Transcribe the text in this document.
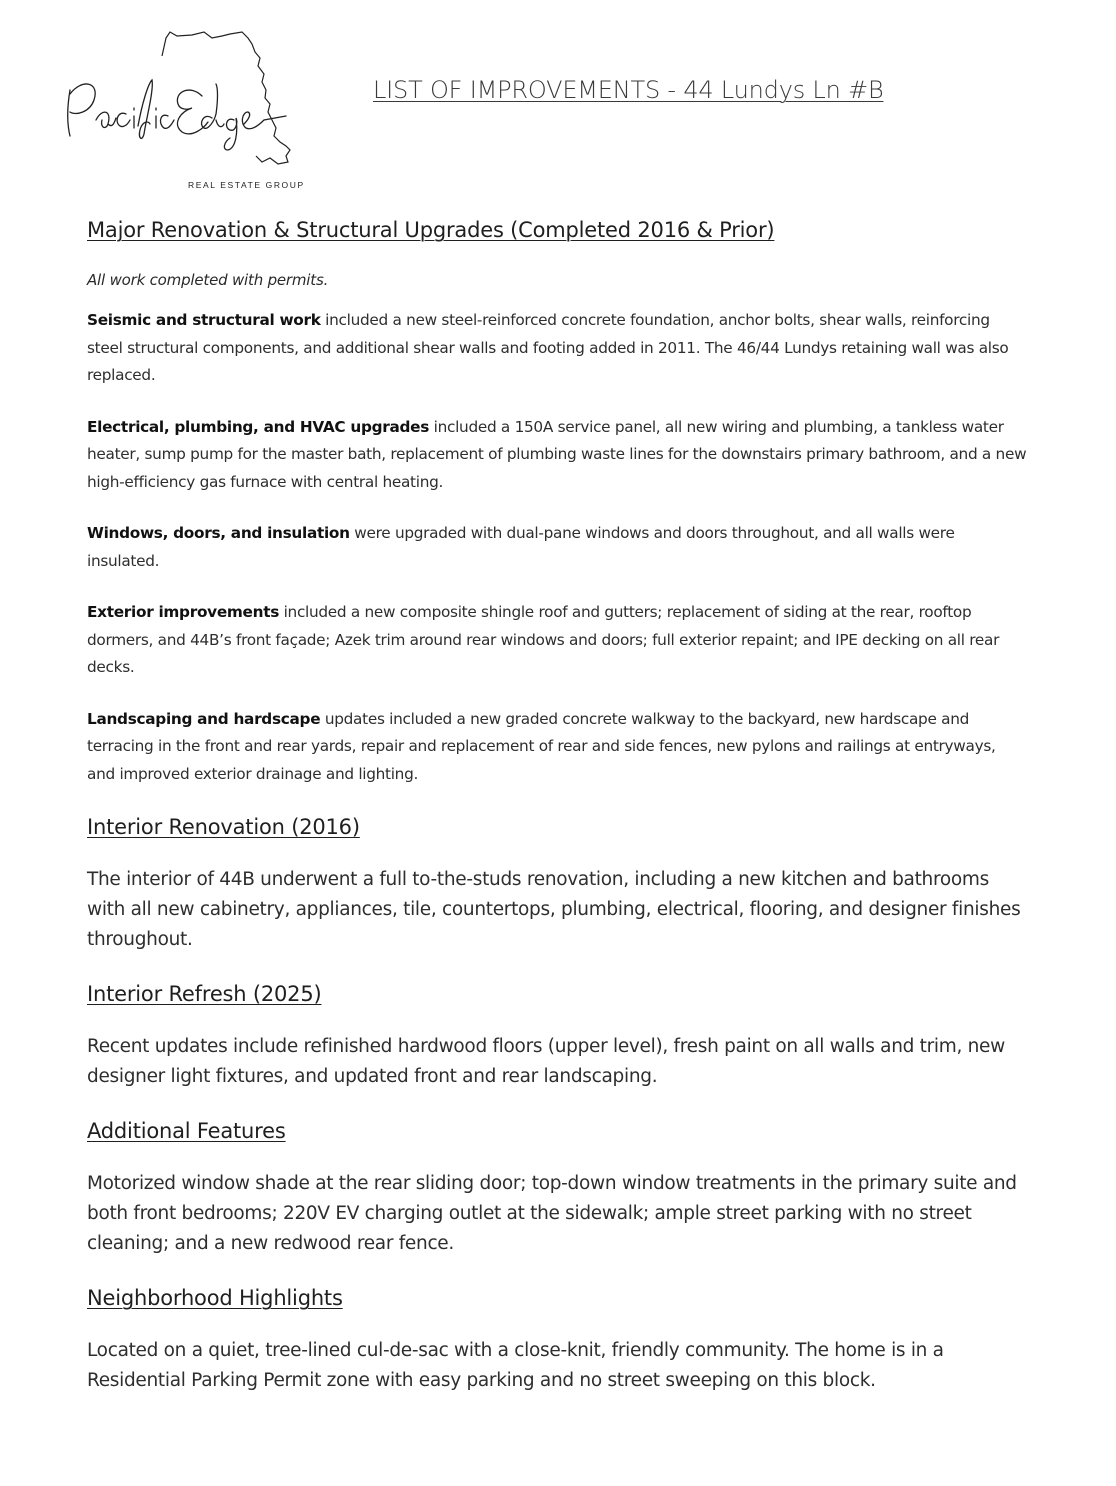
REAL ESTATE GROUP
LIST OF IMPROVEMENTS - 44 Lundys Ln #B
Major Renovation & Structural Upgrades (Completed 2016 & Prior)

All work completed with permits.

Seismic and structural work included a new steel-reinforced concrete foundation, anchor bolts, shear walls, reinforcing steel structural components, and additional shear walls and footing added in 2011. The 46/44 Lundys retaining wall was also replaced.

Electrical, plumbing, and HVAC upgrades included a 150A service panel, all new wiring and plumbing, a tankless water heater, sump pump for the master bath, replacement of plumbing waste lines for the downstairs primary bathroom, and a new high-efficiency gas furnace with central heating.

Windows, doors, and insulation were upgraded with dual-pane windows and doors throughout, and all walls were insulated.

Exterior improvements included a new composite shingle roof and gutters; replacement of siding at the rear, rooftop dormers, and 44B’s front façade; Azek trim around rear windows and doors; full exterior repaint; and IPE decking on all rear decks.

Landscaping and hardscape updates included a new graded concrete walkway to the backyard, new hardscape and terracing in the front and rear yards, repair and replacement of rear and side fences, new pylons and railings at entryways, and improved exterior drainage and lighting.

Interior Renovation (2016)

The interior of 44B underwent a full to-the-studs renovation, including a new kitchen and bathrooms with all new cabinetry, appliances, tile, countertops, plumbing, electrical, flooring, and designer finishes throughout.

Interior Refresh (2025)

Recent updates include refinished hardwood floors (upper level), fresh paint on all walls and trim, new designer light fixtures, and updated front and rear landscaping.

Additional Features

Motorized window shade at the rear sliding door; top-down window treatments in the primary suite and both front bedrooms; 220V EV charging outlet at the sidewalk; ample street parking with no street cleaning; and a new redwood rear fence.

Neighborhood Highlights

Located on a quiet, tree-lined cul-de-sac with a close-knit, friendly community. The home is in a Residential Parking Permit zone with easy parking and no street sweeping on this block.
